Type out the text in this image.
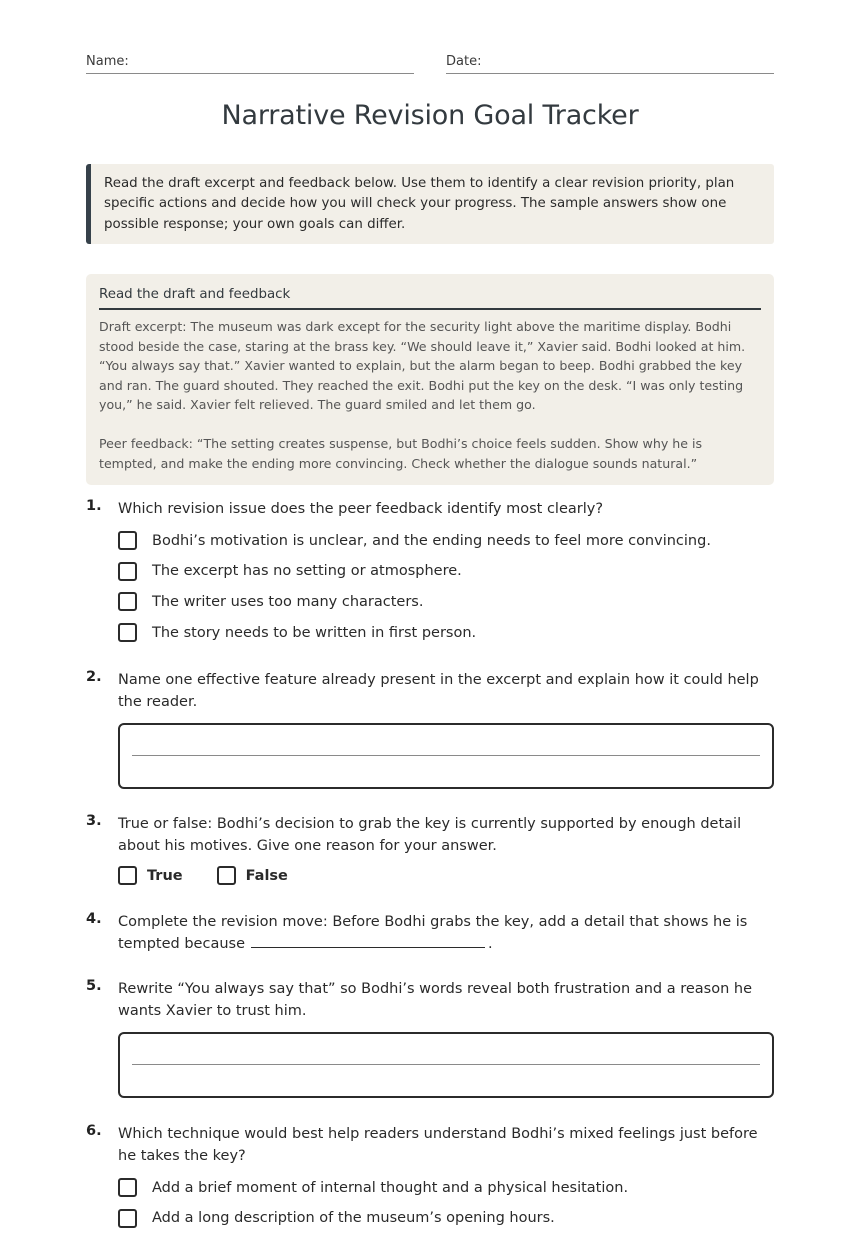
Name:	Date:
Narrative Revision Goal Tracker
Read the draft excerpt and feedback below. Use them to identify a clear revision priority, plan specific actions and decide how you will check your progress. The sample answers show one possible response; your own goals can differ.
Read the draft and feedback

Draft excerpt: The museum was dark except for the security light above the maritime display. Bodhi stood beside the case, staring at the brass key. “We should leave it,” Xavier said. Bodhi looked at him. “You always say that.” Xavier wanted to explain, but the alarm began to beep. Bodhi grabbed the key and ran. The guard shouted. They reached the exit. Bodhi put the key on the desk. “I was only testing you,” he said. Xavier felt relieved. The guard smiled and let them go.

Peer feedback: “The setting creates suspense, but Bodhi’s choice feels sudden. Show why he is tempted, and make the ending more convincing. Check whether the dialogue sounds natural.”

1. Which revision issue does the peer feedback identify most clearly?
Bodhi’s motivation is unclear, and the ending needs to feel more convincing.
The excerpt has no setting or atmosphere.
The writer uses too many characters.
The story needs to be written in first person.
2. Name one effective feature already present in the excerpt and explain how it could help the reader.
3. True or false: Bodhi’s decision to grab the key is currently supported by enough detail about his motives. Give one reason for your answer.
True	False
4. Complete the revision move: Before Bodhi grabs the key, add a detail that shows he is tempted because	.
5. Rewrite “You always say that” so Bodhi’s words reveal both frustration and a reason he wants Xavier to trust him.
6. Which technique would best help readers understand Bodhi’s mixed feelings just before he takes the key?
Add a brief moment of internal thought and a physical hesitation.
Add a long description of the museum’s opening hours.
